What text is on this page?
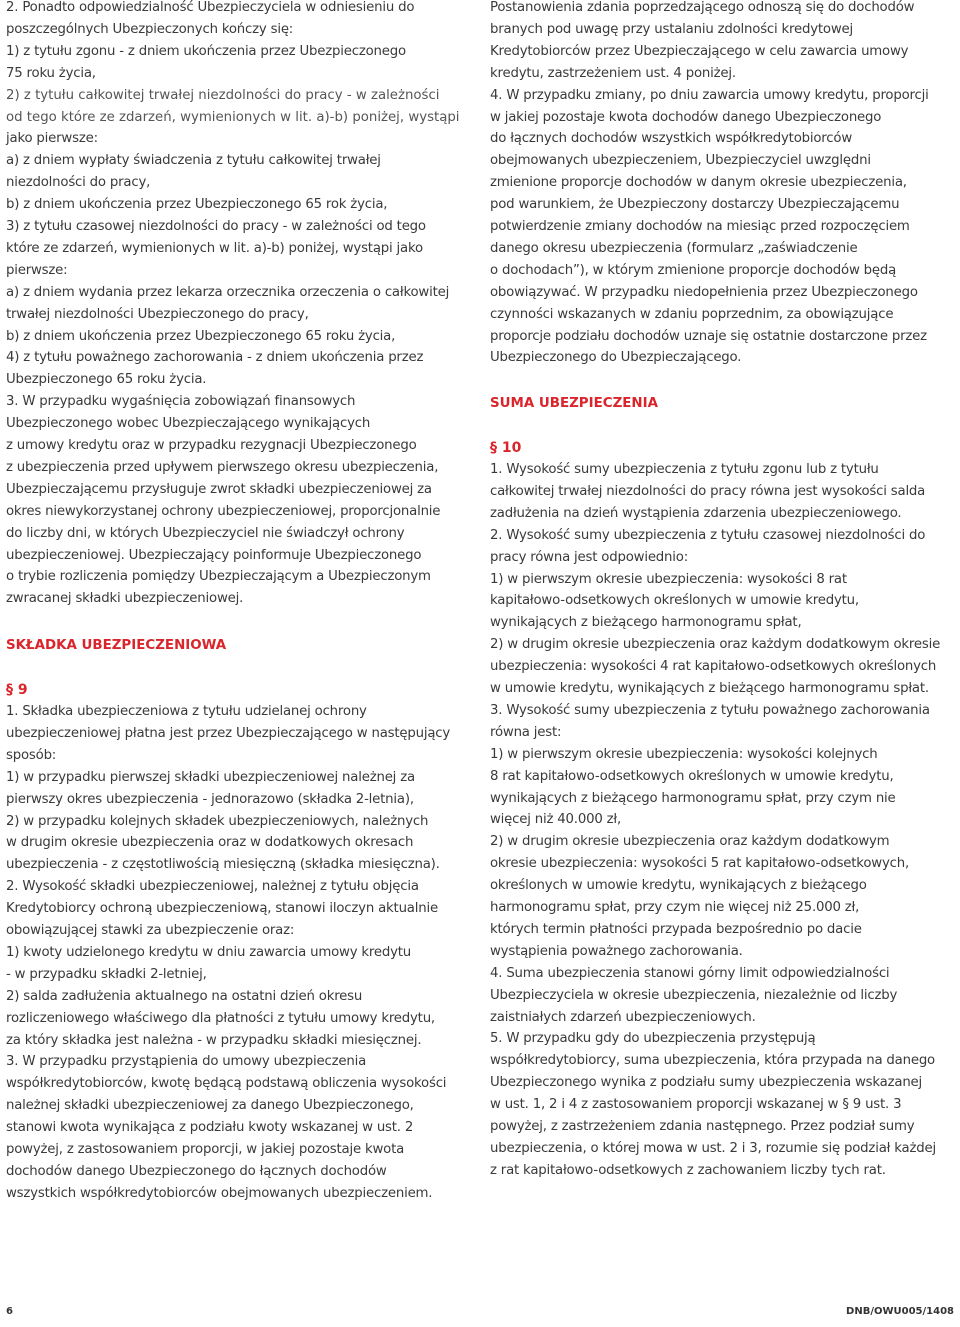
2. Ponadto odpowiedzialność Ubezpieczyciela w odniesieniu do
poszczególnych Ubezpieczonych kończy się:
1) z tytułu zgonu - z dniem ukończenia przez Ubezpieczonego
75 roku życia,
2) z tytułu całkowitej trwałej niezdolności do pracy - w zależności
od tego które ze zdarzeń, wymienionych w lit. a)-b) poniżej, wystąpi
jako pierwsze:
a) z dniem wypłaty świadczenia z tytułu całkowitej trwałej
niezdolności do pracy,
b) z dniem ukończenia przez Ubezpieczonego 65 rok życia,
3) z tytułu czasowej niezdolności do pracy - w zależności od tego
które ze zdarzeń, wymienionych w lit. a)-b) poniżej, wystąpi jako
pierwsze:
a) z dniem wydania przez lekarza orzecznika orzeczenia o całkowitej
trwałej niezdolności Ubezpieczonego do pracy,
b) z dniem ukończenia przez Ubezpieczonego 65 roku życia,
4) z tytułu poważnego zachorowania - z dniem ukończenia przez
Ubezpieczonego 65 roku życia.
3. W przypadku wygaśnięcia zobowiązań finansowych
Ubezpieczonego wobec Ubezpieczającego wynikających
z umowy kredytu oraz w przypadku rezygnacji Ubezpieczonego
z ubezpieczenia przed upływem pierwszego okresu ubezpieczenia,
Ubezpieczającemu przysługuje zwrot składki ubezpieczeniowej za
okres niewykorzystanej ochrony ubezpieczeniowej, proporcjonalnie
do liczby dni, w których Ubezpieczyciel nie świadczył ochrony
ubezpieczeniowej. Ubezpieczający poinformuje Ubezpieczonego
o trybie rozliczenia pomiędzy Ubezpieczającym a Ubezpieczonym
zwracanej składki ubezpieczeniowej.
SKŁADKA UBEZPIECZENIOWA
§ 9
1. Składka ubezpieczeniowa z tytułu udzielanej ochrony
ubezpieczeniowej płatna jest przez Ubezpieczającego w następujący
sposób:
1) w przypadku pierwszej składki ubezpieczeniowej należnej za
pierwszy okres ubezpieczenia - jednorazowo (składka 2-letnia),
2) w przypadku kolejnych składek ubezpieczeniowych, należnych
w drugim okresie ubezpieczenia oraz w dodatkowych okresach
ubezpieczenia - z częstotliwością miesięczną (składka miesięczna).
2. Wysokość składki ubezpieczeniowej, należnej z tytułu objęcia
Kredytobiorcy ochroną ubezpieczeniową, stanowi iloczyn aktualnie
obowiązującej stawki za ubezpieczenie oraz:
1) kwoty udzielonego kredytu w dniu zawarcia umowy kredytu
- w przypadku składki 2-letniej,
2) salda zadłużenia aktualnego na ostatni dzień okresu
rozliczeniowego właściwego dla płatności z tytułu umowy kredytu,
za który składka jest należna - w przypadku składki miesięcznej.
3. W przypadku przystąpienia do umowy ubezpieczenia
współkredytobiorców, kwotę będącą podstawą obliczenia wysokości
należnej składki ubezpieczeniowej za danego Ubezpieczonego,
stanowi kwota wynikająca z podziału kwoty wskazanej w ust. 2
powyżej, z zastosowaniem proporcji, w jakiej pozostaje kwota
dochodów danego Ubezpieczonego do łącznych dochodów
wszystkich współkredytobiorców obejmowanych ubezpieczeniem.
Postanowienia zdania poprzedzającego odnoszą się do dochodów
branych pod uwagę przy ustalaniu zdolności kredytowej
Kredytobiorców przez Ubezpieczającego w celu zawarcia umowy
kredytu, zastrzeżeniem ust. 4 poniżej.
4. W przypadku zmiany, po dniu zawarcia umowy kredytu, proporcji
w jakiej pozostaje kwota dochodów danego Ubezpieczonego
do łącznych dochodów wszystkich współkredytobiorców
obejmowanych ubezpieczeniem, Ubezpieczyciel uwzględni
zmienione proporcje dochodów w danym okresie ubezpieczenia,
pod warunkiem, że Ubezpieczony dostarczy Ubezpieczającemu
potwierdzenie zmiany dochodów na miesiąc przed rozpoczęciem
danego okresu ubezpieczenia (formularz „zaświadczenie
o dochodach”), w którym zmienione proporcje dochodów będą
obowiązywać. W przypadku niedopełnienia przez Ubezpieczonego
czynności wskazanych w zdaniu poprzednim, za obowiązujące
proporcje podziału dochodów uznaje się ostatnie dostarczone przez
Ubezpieczonego do Ubezpieczającego.
SUMA UBEZPIECZENIA
§ 10
1. Wysokość sumy ubezpieczenia z tytułu zgonu lub z tytułu
całkowitej trwałej niezdolności do pracy równa jest wysokości salda
zadłużenia na dzień wystąpienia zdarzenia ubezpieczeniowego.
2. Wysokość sumy ubezpieczenia z tytułu czasowej niezdolności do
pracy równa jest odpowiednio:
1) w pierwszym okresie ubezpieczenia: wysokości 8 rat
kapitałowo-odsetkowych określonych w umowie kredytu,
wynikających z bieżącego harmonogramu spłat,
2) w drugim okresie ubezpieczenia oraz każdym dodatkowym okresie
ubezpieczenia: wysokości 4 rat kapitałowo-odsetkowych określonych
w umowie kredytu, wynikających z bieżącego harmonogramu spłat.
3. Wysokość sumy ubezpieczenia z tytułu poważnego zachorowania
równa jest:
1) w pierwszym okresie ubezpieczenia: wysokości kolejnych
8 rat kapitałowo-odsetkowych określonych w umowie kredytu,
wynikających z bieżącego harmonogramu spłat, przy czym nie
więcej niż 40.000 zł,
2) w drugim okresie ubezpieczenia oraz każdym dodatkowym
okresie ubezpieczenia: wysokości 5 rat kapitałowo-odsetkowych,
określonych w umowie kredytu, wynikających z bieżącego
harmonogramu spłat, przy czym nie więcej niż 25.000 zł,
których termin płatności przypada bezpośrednio po dacie
wystąpienia poważnego zachorowania.
4. Suma ubezpieczenia stanowi górny limit odpowiedzialności
Ubezpieczyciela w okresie ubezpieczenia, niezależnie od liczby
zaistniałych zdarzeń ubezpieczeniowych.
5. W przypadku gdy do ubezpieczenia przystępują
współkredytobiorcy, suma ubezpieczenia, która przypada na danego
Ubezpieczonego wynika z podziału sumy ubezpieczenia wskazanej
w ust. 1, 2 i 4 z zastosowaniem proporcji wskazanej w § 9 ust. 3
powyżej, z zastrzeżeniem zdania następnego. Przez podział sumy
ubezpieczenia, o której mowa w ust. 2 i 3, rozumie się podział każdej
z rat kapitałowo-odsetkowych z zachowaniem liczby tych rat.
6	DNB/OWU005/1408
